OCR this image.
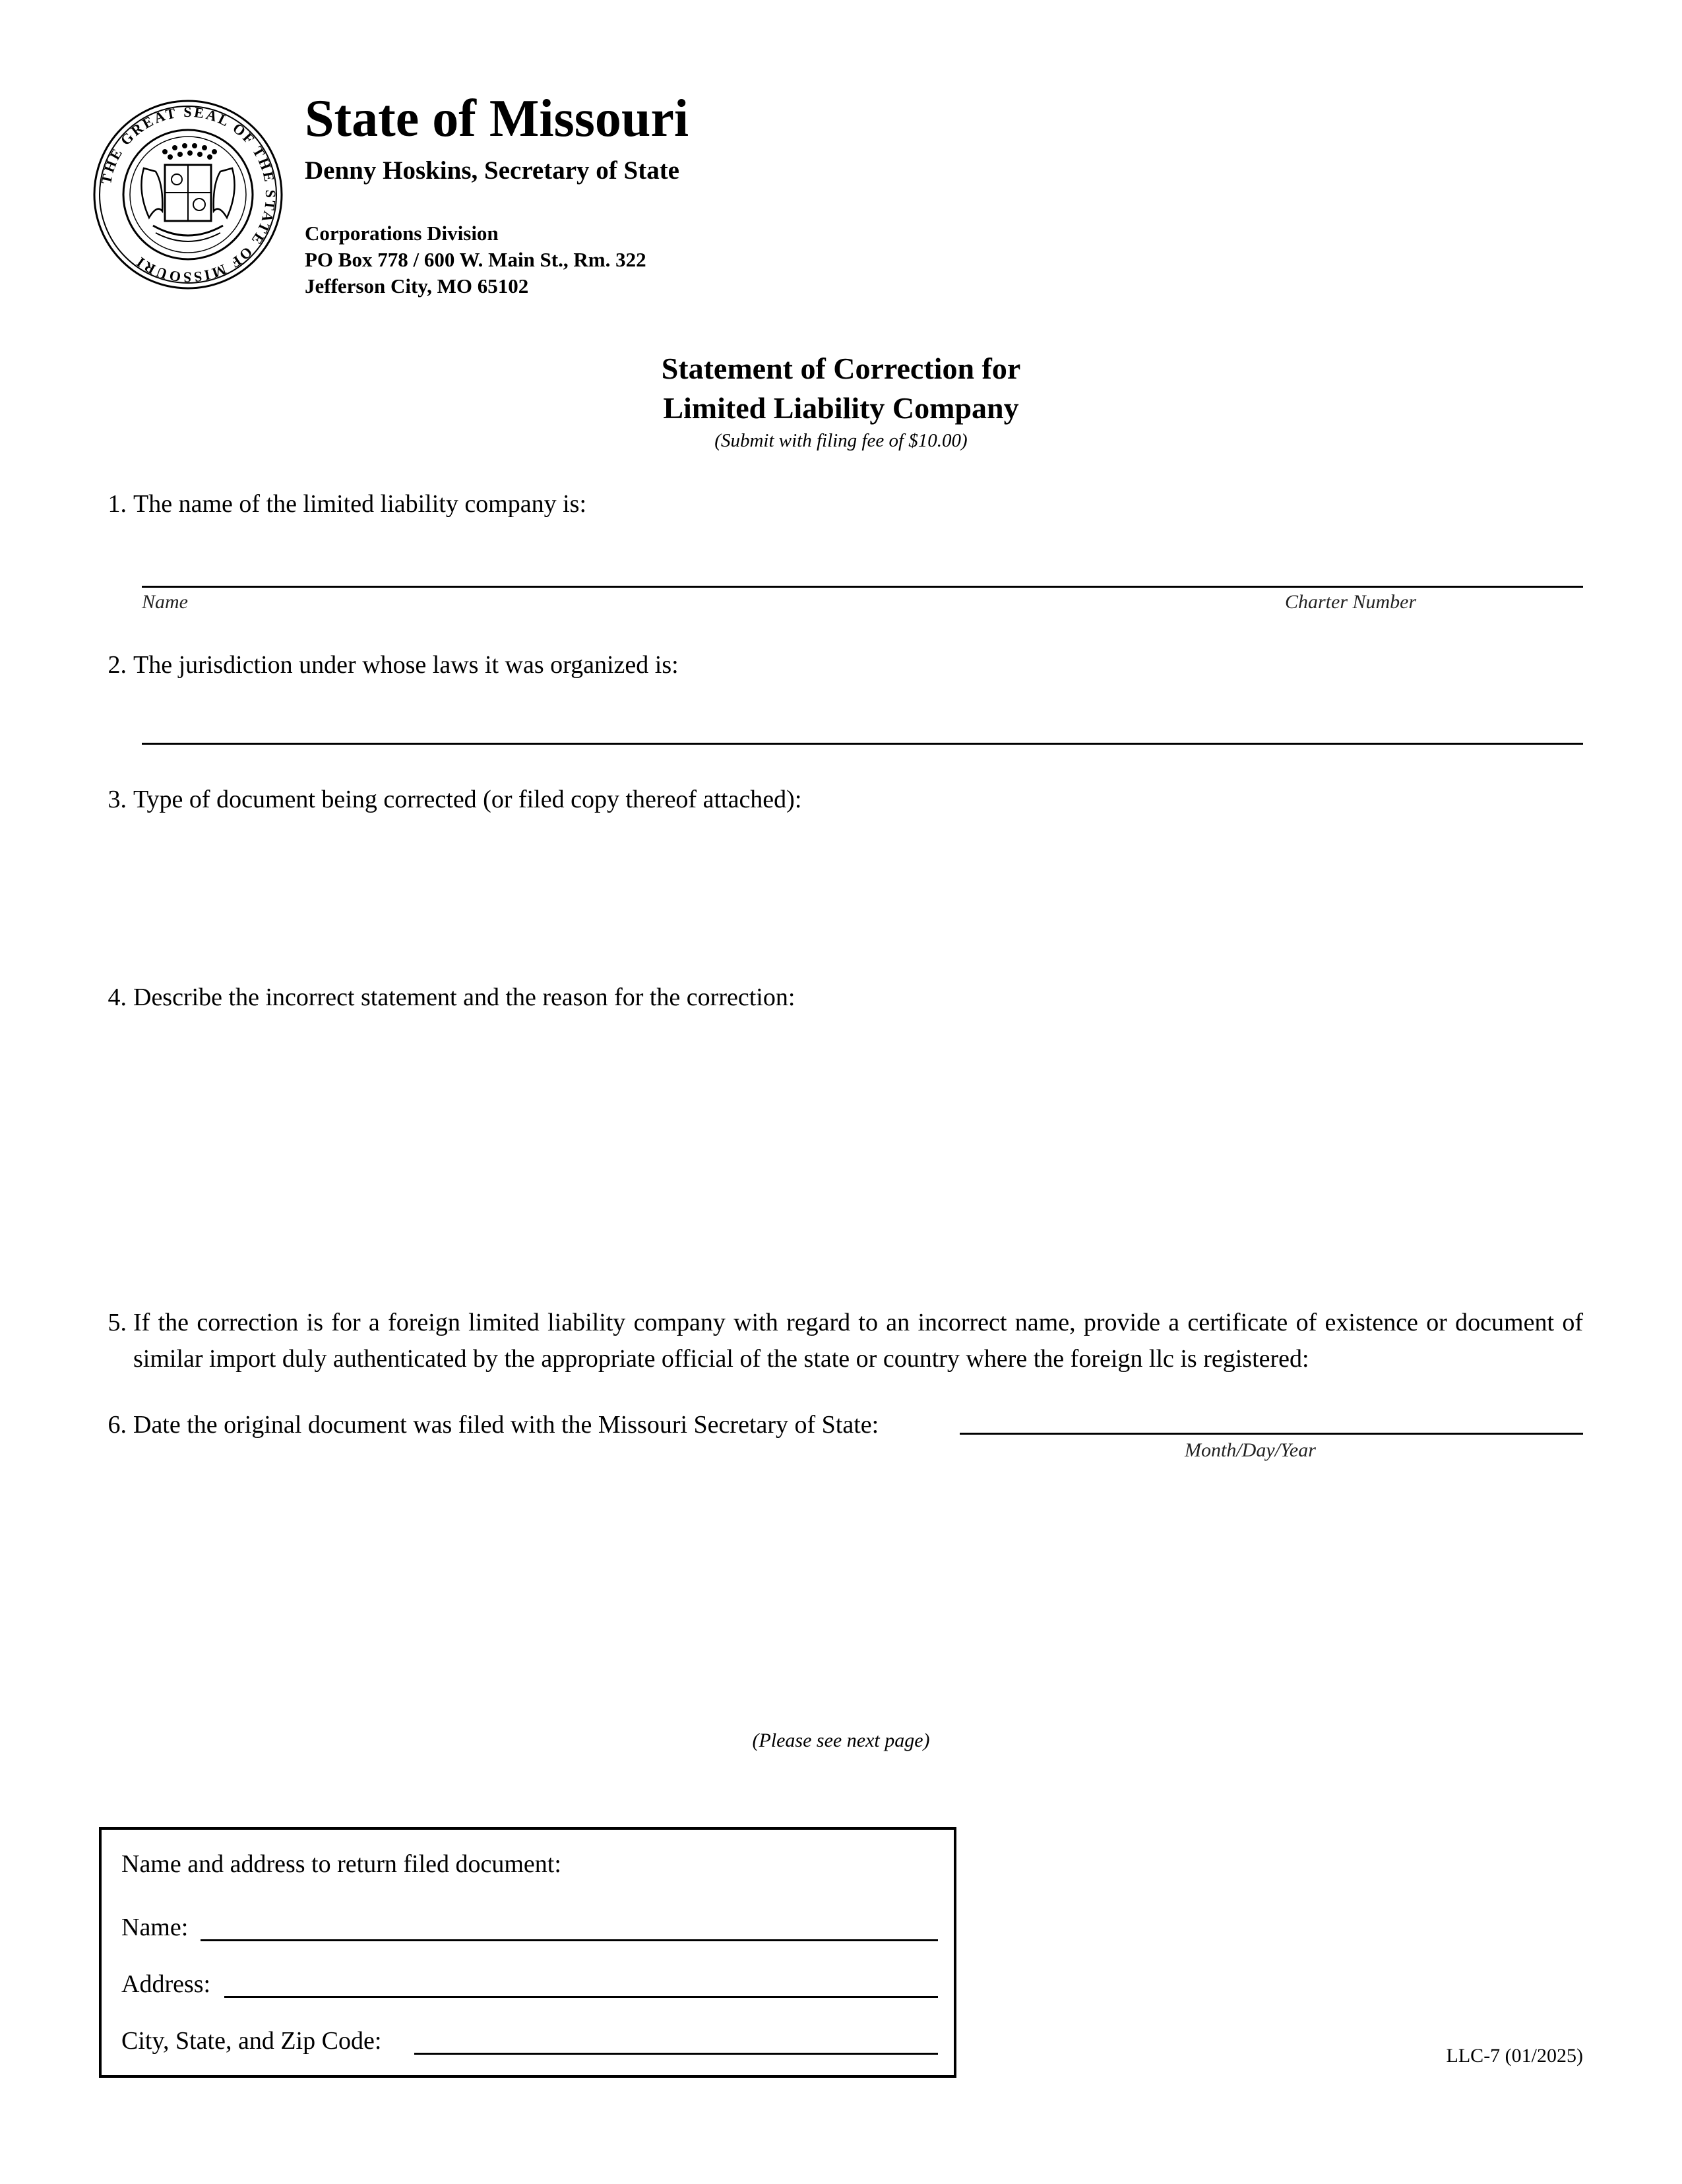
THE GREAT SEAL OF THE STATE OF MISSOURI
State of Missouri
Denny Hoskins, Secretary of State
Corporations Division
PO Box 778 / 600 W. Main St., Rm. 322
Jefferson City, MO 65102
Statement of Correction for
Limited Liability Company
(Submit with filing fee of $10.00)
1. The name of the limited liability company is:
Name	Charter Number
2. The jurisdiction under whose laws it was organized is:
3. Type of document being corrected (or filed copy thereof attached):
4. Describe the incorrect statement and the reason for the correction:
5. If the correction is for a foreign limited liability company with regard to an incorrect name, provide a certificate of existence or document of similar import duly authenticated by the appropriate official of the state or country where the foreign llc is registered:
6. Date the original document was filed with the Missouri Secretary of State:
Month/Day/Year
(Please see next page)
Name and address to return filed document:
Name:
Address:
City, State, and Zip Code:
LLC-7 (01/2025)
